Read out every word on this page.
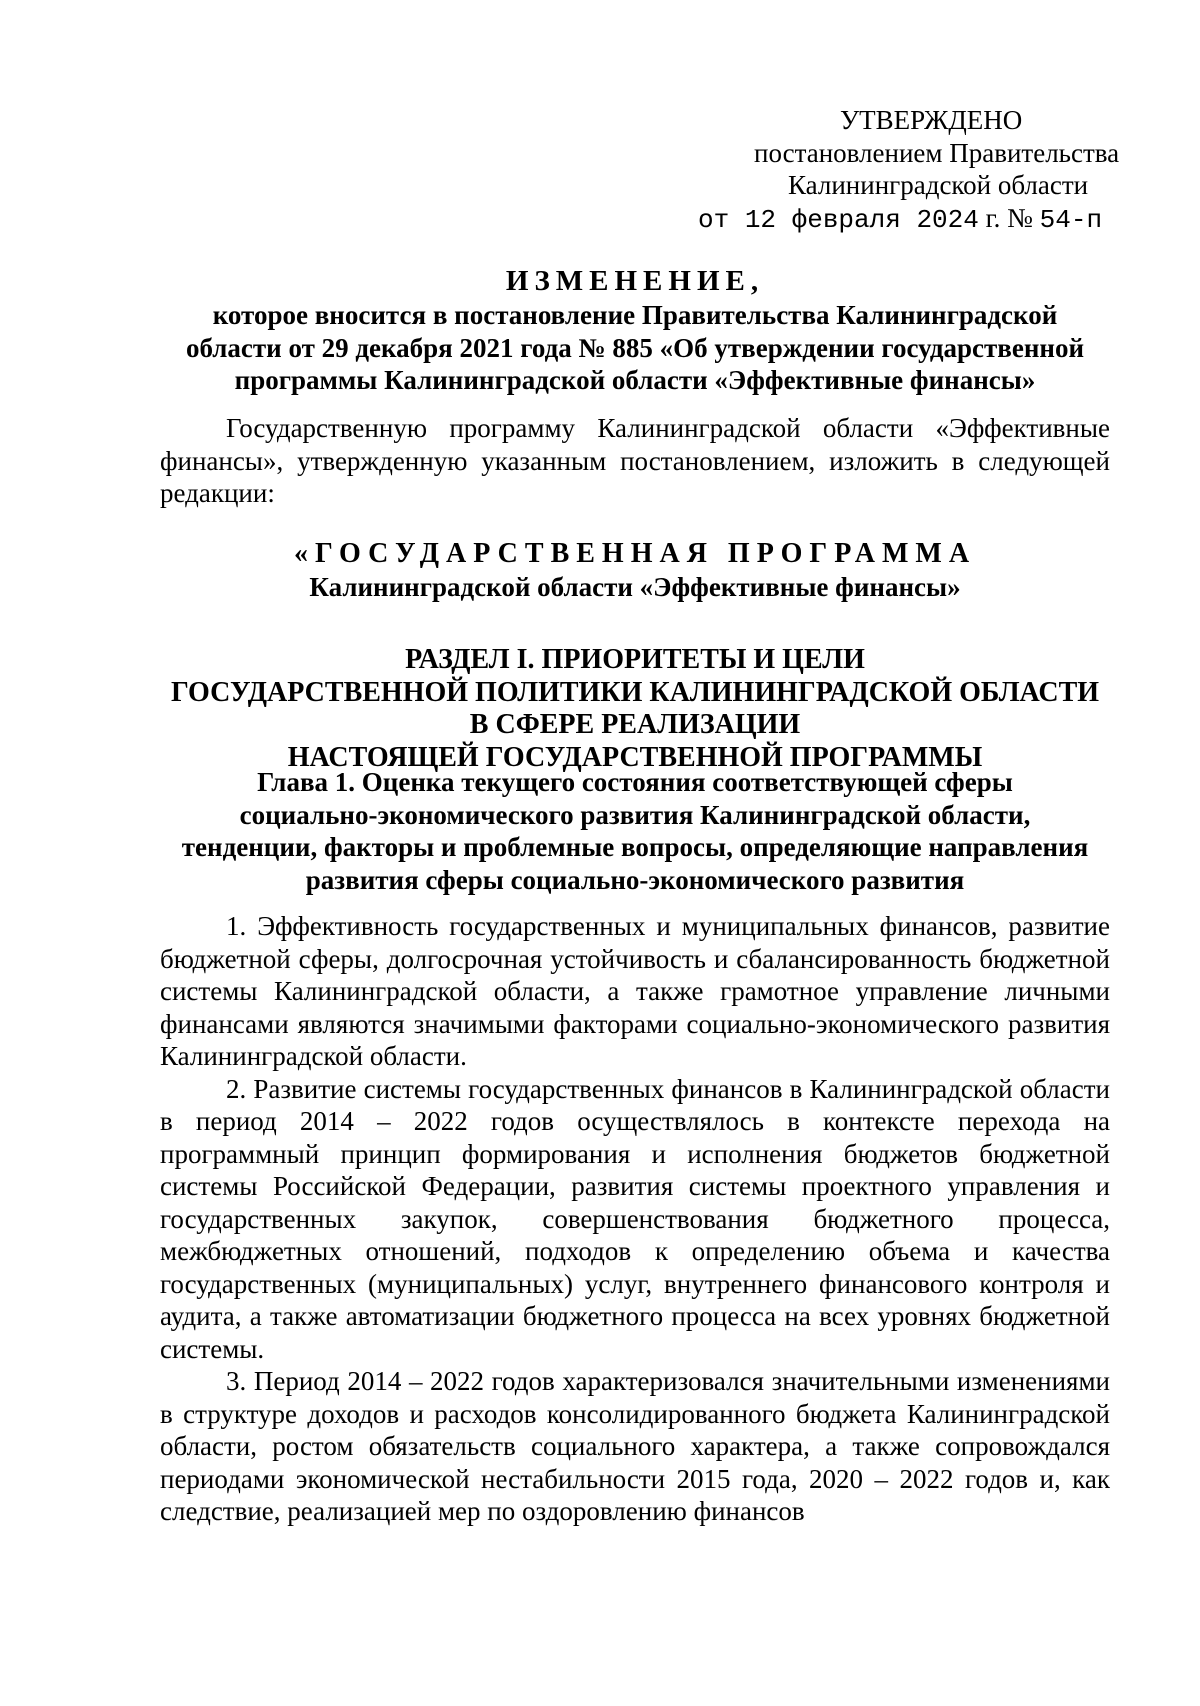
УТВЕРЖДЕНО
постановлением Правительства
Калининградской области
от 12 февраля 2024 г. № 54-п
ИЗМЕНЕНИЕ,
которое вносится в постановление Правительства Калининградской
области от 29 декабря 2021 года № 885 «Об утверждении государственной
программы Калининградской области «Эффективные финансы»

Государственную программу Калининградской области «Эффективные финансы», утвержденную указанным постановлением, изложить в следующей редакции:

«ГОСУДАРСТВЕННАЯ ПРОГРАММА
Калининградской области «Эффективные финансы»
РАЗДЕЛ I. ПРИОРИТЕТЫ И ЦЕЛИ
ГОСУДАРСТВЕННОЙ ПОЛИТИКИ КАЛИНИНГРАДСКОЙ ОБЛАСТИ
В СФЕРЕ РЕАЛИЗАЦИИ
НАСТОЯЩЕЙ ГОСУДАРСТВЕННОЙ ПРОГРАММЫ
Глава 1. Оценка текущего состояния соответствующей сферы
социально-экономического развития Калининградской области,
тенденции, факторы и проблемные вопросы, определяющие направления
развития сферы социально-экономического развития

1. Эффективность государственных и муниципальных финансов, развитие бюджетной сферы, долгосрочная устойчивость и сбалансированность бюджетной системы Калининградской области, а также грамотное управление личными финансами являются значимыми факторами социально-экономического развития Калининградской области.

2. Развитие системы государственных финансов в Калининградской области в период 2014 – 2022 годов осуществлялось в контексте перехода на программный принцип формирования и исполнения бюджетов бюджетной системы Российской Федерации, развития системы проектного управления и государственных закупок, совершенствования бюджетного процесса, межбюджетных отношений, подходов к определению объема и качества государственных (муниципальных) услуг, внутреннего финансового контроля и аудита, а также автоматизации бюджетного процесса на всех уровнях бюджетной системы.

3. Период 2014 – 2022 годов характеризовался значительными изменениями в структуре доходов и расходов консолидированного бюджета Калининградской области, ростом обязательств социального характера, а также сопровождался периодами экономической нестабильности 2015 года, 2020 – 2022 годов и, как следствие, реализацией мер по оздоровлению финансов
